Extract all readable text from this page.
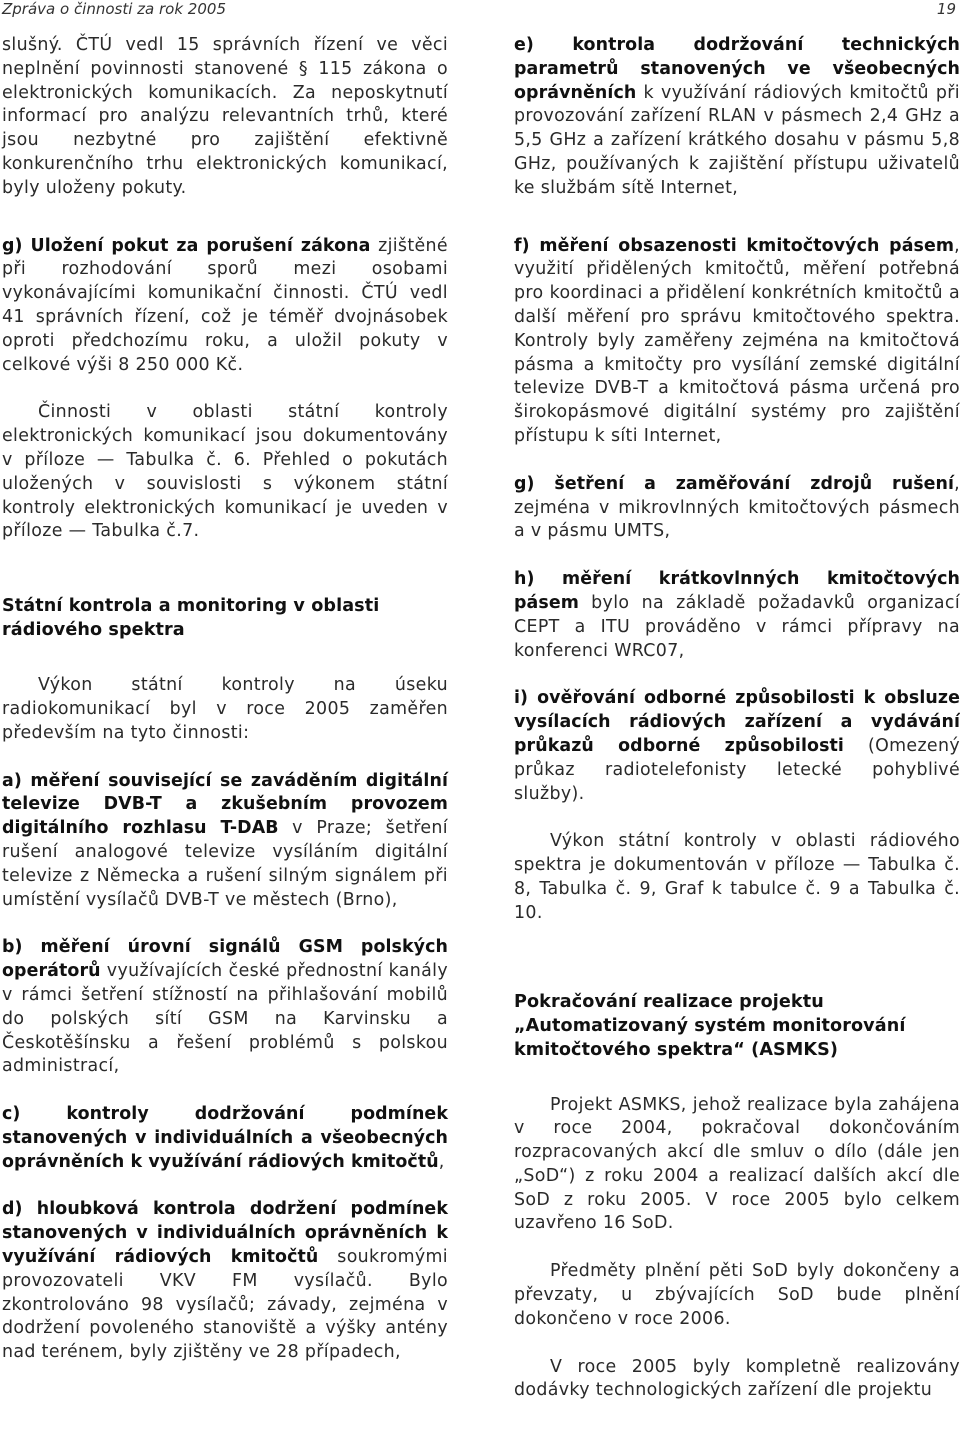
Zpráva o činnosti za rok 2005	19

slušný. ČTÚ vedl 15 správních řízení ve věci neplnění povinnosti stanovené § 115 zákona o elektronických komunikacích. Za neposkytnutí informací pro analýzu relevantních trhů, které jsou nezbytné pro zajištění efektivně konkurenčního trhu elektronických komunikací, byly uloženy pokuty.

g) Uložení pokut za porušení zákona zjištěné při rozhodování sporů mezi osobami vykonávajícími komunikační činnosti. ČTÚ vedl 41 správních řízení, což je téměř dvojnásobek oproti předchozímu roku, a uložil pokuty v celkové výši 8 250 000 Kč.

Činnosti v oblasti státní kontroly elektronických komunikací jsou dokumentovány v příloze — Tabulka č. 6. Přehled o pokutách uložených v souvislosti s výkonem státní kontroly elektronických komunikací je uveden v příloze — Tabulka č.7.

Státní kontrola a monitoring v oblasti rádiového spektra

Výkon státní kontroly na úseku radiokomunikací byl v roce 2005 zaměřen především na tyto činnosti:

a) měření související se zaváděním digitální televize DVB-T a zkušebním provozem digitálního rozhlasu T-DAB v Praze; šetření rušení analogové televize vysíláním digitální televize z Německa a rušení silným signálem při umístění vysílačů DVB-T ve městech (Brno),

b) měření úrovní signálů GSM polských operátorů využívajících české přednostní kanály v rámci šetření stížností na přihlašování mobilů do polských sítí GSM na Karvinsku a Českotěšínsku a řešení problémů s polskou administrací,

c) kontroly dodržování podmínek stanovených v individuálních a všeobecných oprávněních k využívání rádiových kmitočtů,

d) hloubková kontrola dodržení podmínek stanovených v individuálních oprávněních k využívání rádiových kmitočtů soukromými provozovateli VKV FM vysílačů. Bylo zkontrolováno 98 vysílačů; závady, zejména v dodržení povoleného stanoviště a výšky antény nad terénem, byly zjištěny ve 28 případech,

e) kontrola dodržování technických parametrů stanovených ve všeobecných oprávněních k využívání rádiových kmitočtů při provozování zařízení RLAN v pásmech 2,4 GHz a 5,5 GHz a zařízení krátkého dosahu v pásmu 5,8 GHz, používaných k zajištění přístupu uživatelů ke službám sítě Internet,

f) měření obsazenosti kmitočtových pásem, využití přidělených kmitočtů, měření potřebná pro koordinaci a přidělení konkrétních kmitočtů a další měření pro správu kmitočtového spektra. Kontroly byly zaměřeny zejména na kmitočtová pásma a kmitočty pro vysílání zemské digitální televize DVB-T a kmitočtová pásma určená pro širokopásmové digitální systémy pro zajištění přístupu k síti Internet,

g) šetření a zaměřování zdrojů rušení, zejména v mikrovlnných kmitočtových pásmech a v pásmu UMTS,

h) měření krátkovlnných kmitočtových pásem bylo na základě požadavků organizací CEPT a ITU prováděno v rámci přípravy na konferenci WRC07,

i) ověřování odborné způsobilosti k obsluze vysílacích rádiových zařízení a vydávání průkazů odborné způsobilosti (Omezený průkaz radiotelefonisty letecké pohyblivé služby).

Výkon státní kontroly v oblasti rádiového spektra je dokumentován v příloze — Tabulka č. 8, Tabulka č. 9, Graf k tabulce č. 9 a Tabulka č. 10.

Pokračování realizace projektu „Automatizovaný systém monitorování kmitočtového spektra“ (ASMKS)

Projekt ASMKS, jehož realizace byla zahájena v roce 2004, pokračoval dokončováním rozpracovaných akcí dle smluv o dílo (dále jen „SoD“) z roku 2004 a realizací dalších akcí dle SoD z roku 2005. V roce 2005 bylo celkem uzavřeno 16 SoD.

Předměty plnění pěti SoD byly dokončeny a převzaty, u zbývajících SoD bude plnění dokončeno v roce 2006.

V roce 2005 byly kompletně realizovány dodávky technologických zařízení dle projektu
